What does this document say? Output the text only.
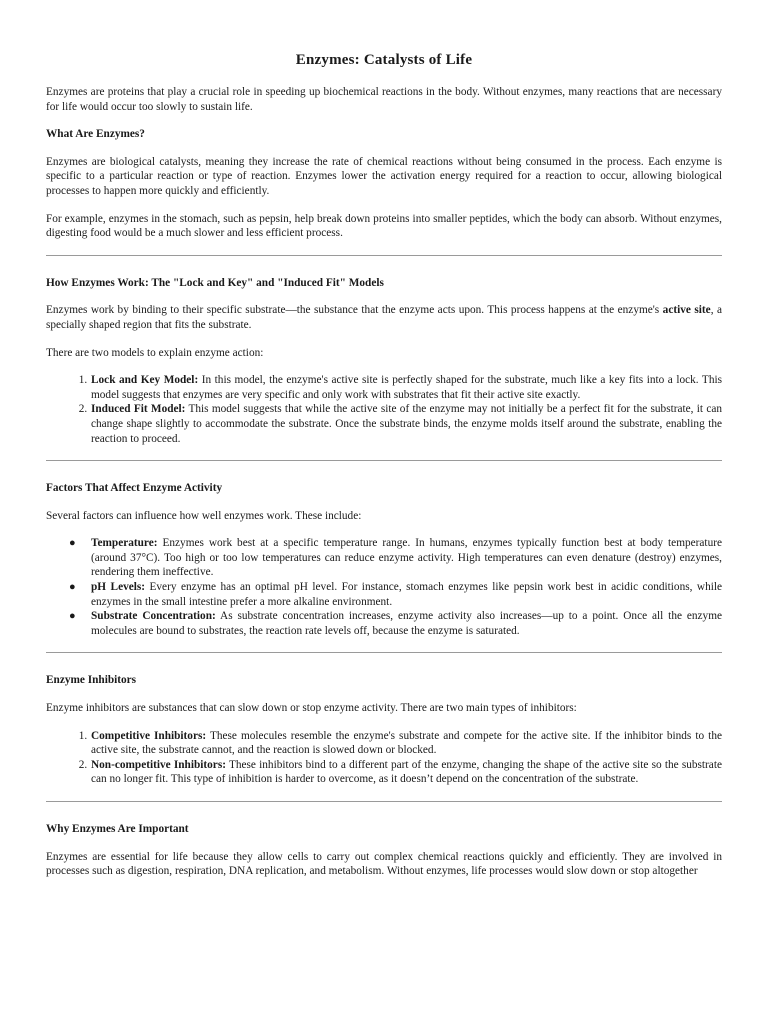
Enzymes: Catalysts of Life

Enzymes are proteins that play a crucial role in speeding up biochemical reactions in the body. Without enzymes, many reactions that are necessary for life would occur too slowly to sustain life.

What Are Enzymes?

Enzymes are biological catalysts, meaning they increase the rate of chemical reactions without being consumed in the process. Each enzyme is specific to a particular reaction or type of reaction. Enzymes lower the activation energy required for a reaction to occur, allowing biological processes to happen more quickly and efficiently.

For example, enzymes in the stomach, such as pepsin, help break down proteins into smaller peptides, which the body can absorb. Without enzymes, digesting food would be a much slower and less efficient process.

How Enzymes Work: The "Lock and Key" and "Induced Fit" Models

Enzymes work by binding to their specific substrate—the substance that the enzyme acts upon. This process happens at the enzyme's active site, a specially shaped region that fits the substrate.

There are two models to explain enzyme action:

1. Lock and Key Model: In this model, the enzyme's active site is perfectly shaped for the substrate, much like a key fits into a lock. This model suggests that enzymes are very specific and only work with substrates that fit their active site exactly.
2. Induced Fit Model: This model suggests that while the active site of the enzyme may not initially be a perfect fit for the substrate, it can change shape slightly to accommodate the substrate. Once the substrate binds, the enzyme molds itself around the substrate, enabling the reaction to proceed.
Factors That Affect Enzyme Activity

Several factors can influence how well enzymes work. These include:

● Temperature: Enzymes work best at a specific temperature range. In humans, enzymes typically function best at body temperature (around 37°C). Too high or too low temperatures can reduce enzyme activity. High temperatures can even denature (destroy) enzymes, rendering them ineffective.
● pH Levels: Every enzyme has an optimal pH level. For instance, stomach enzymes like pepsin work best in acidic conditions, while enzymes in the small intestine prefer a more alkaline environment.
● Substrate Concentration: As substrate concentration increases, enzyme activity also increases—up to a point. Once all the enzyme molecules are bound to substrates, the reaction rate levels off, because the enzyme is saturated.
Enzyme Inhibitors

Enzyme inhibitors are substances that can slow down or stop enzyme activity. There are two main types of inhibitors:

1. Competitive Inhibitors: These molecules resemble the enzyme's substrate and compete for the active site. If the inhibitor binds to the active site, the substrate cannot, and the reaction is slowed down or blocked.
2. Non-competitive Inhibitors: These inhibitors bind to a different part of the enzyme, changing the shape of the active site so the substrate can no longer fit. This type of inhibition is harder to overcome, as it doesn’t depend on the concentration of the substrate.
Why Enzymes Are Important

Enzymes are essential for life because they allow cells to carry out complex chemical reactions quickly and efficiently. They are involved in processes such as digestion, respiration, DNA replication, and metabolism. Without enzymes, life processes would slow down or stop altogether
